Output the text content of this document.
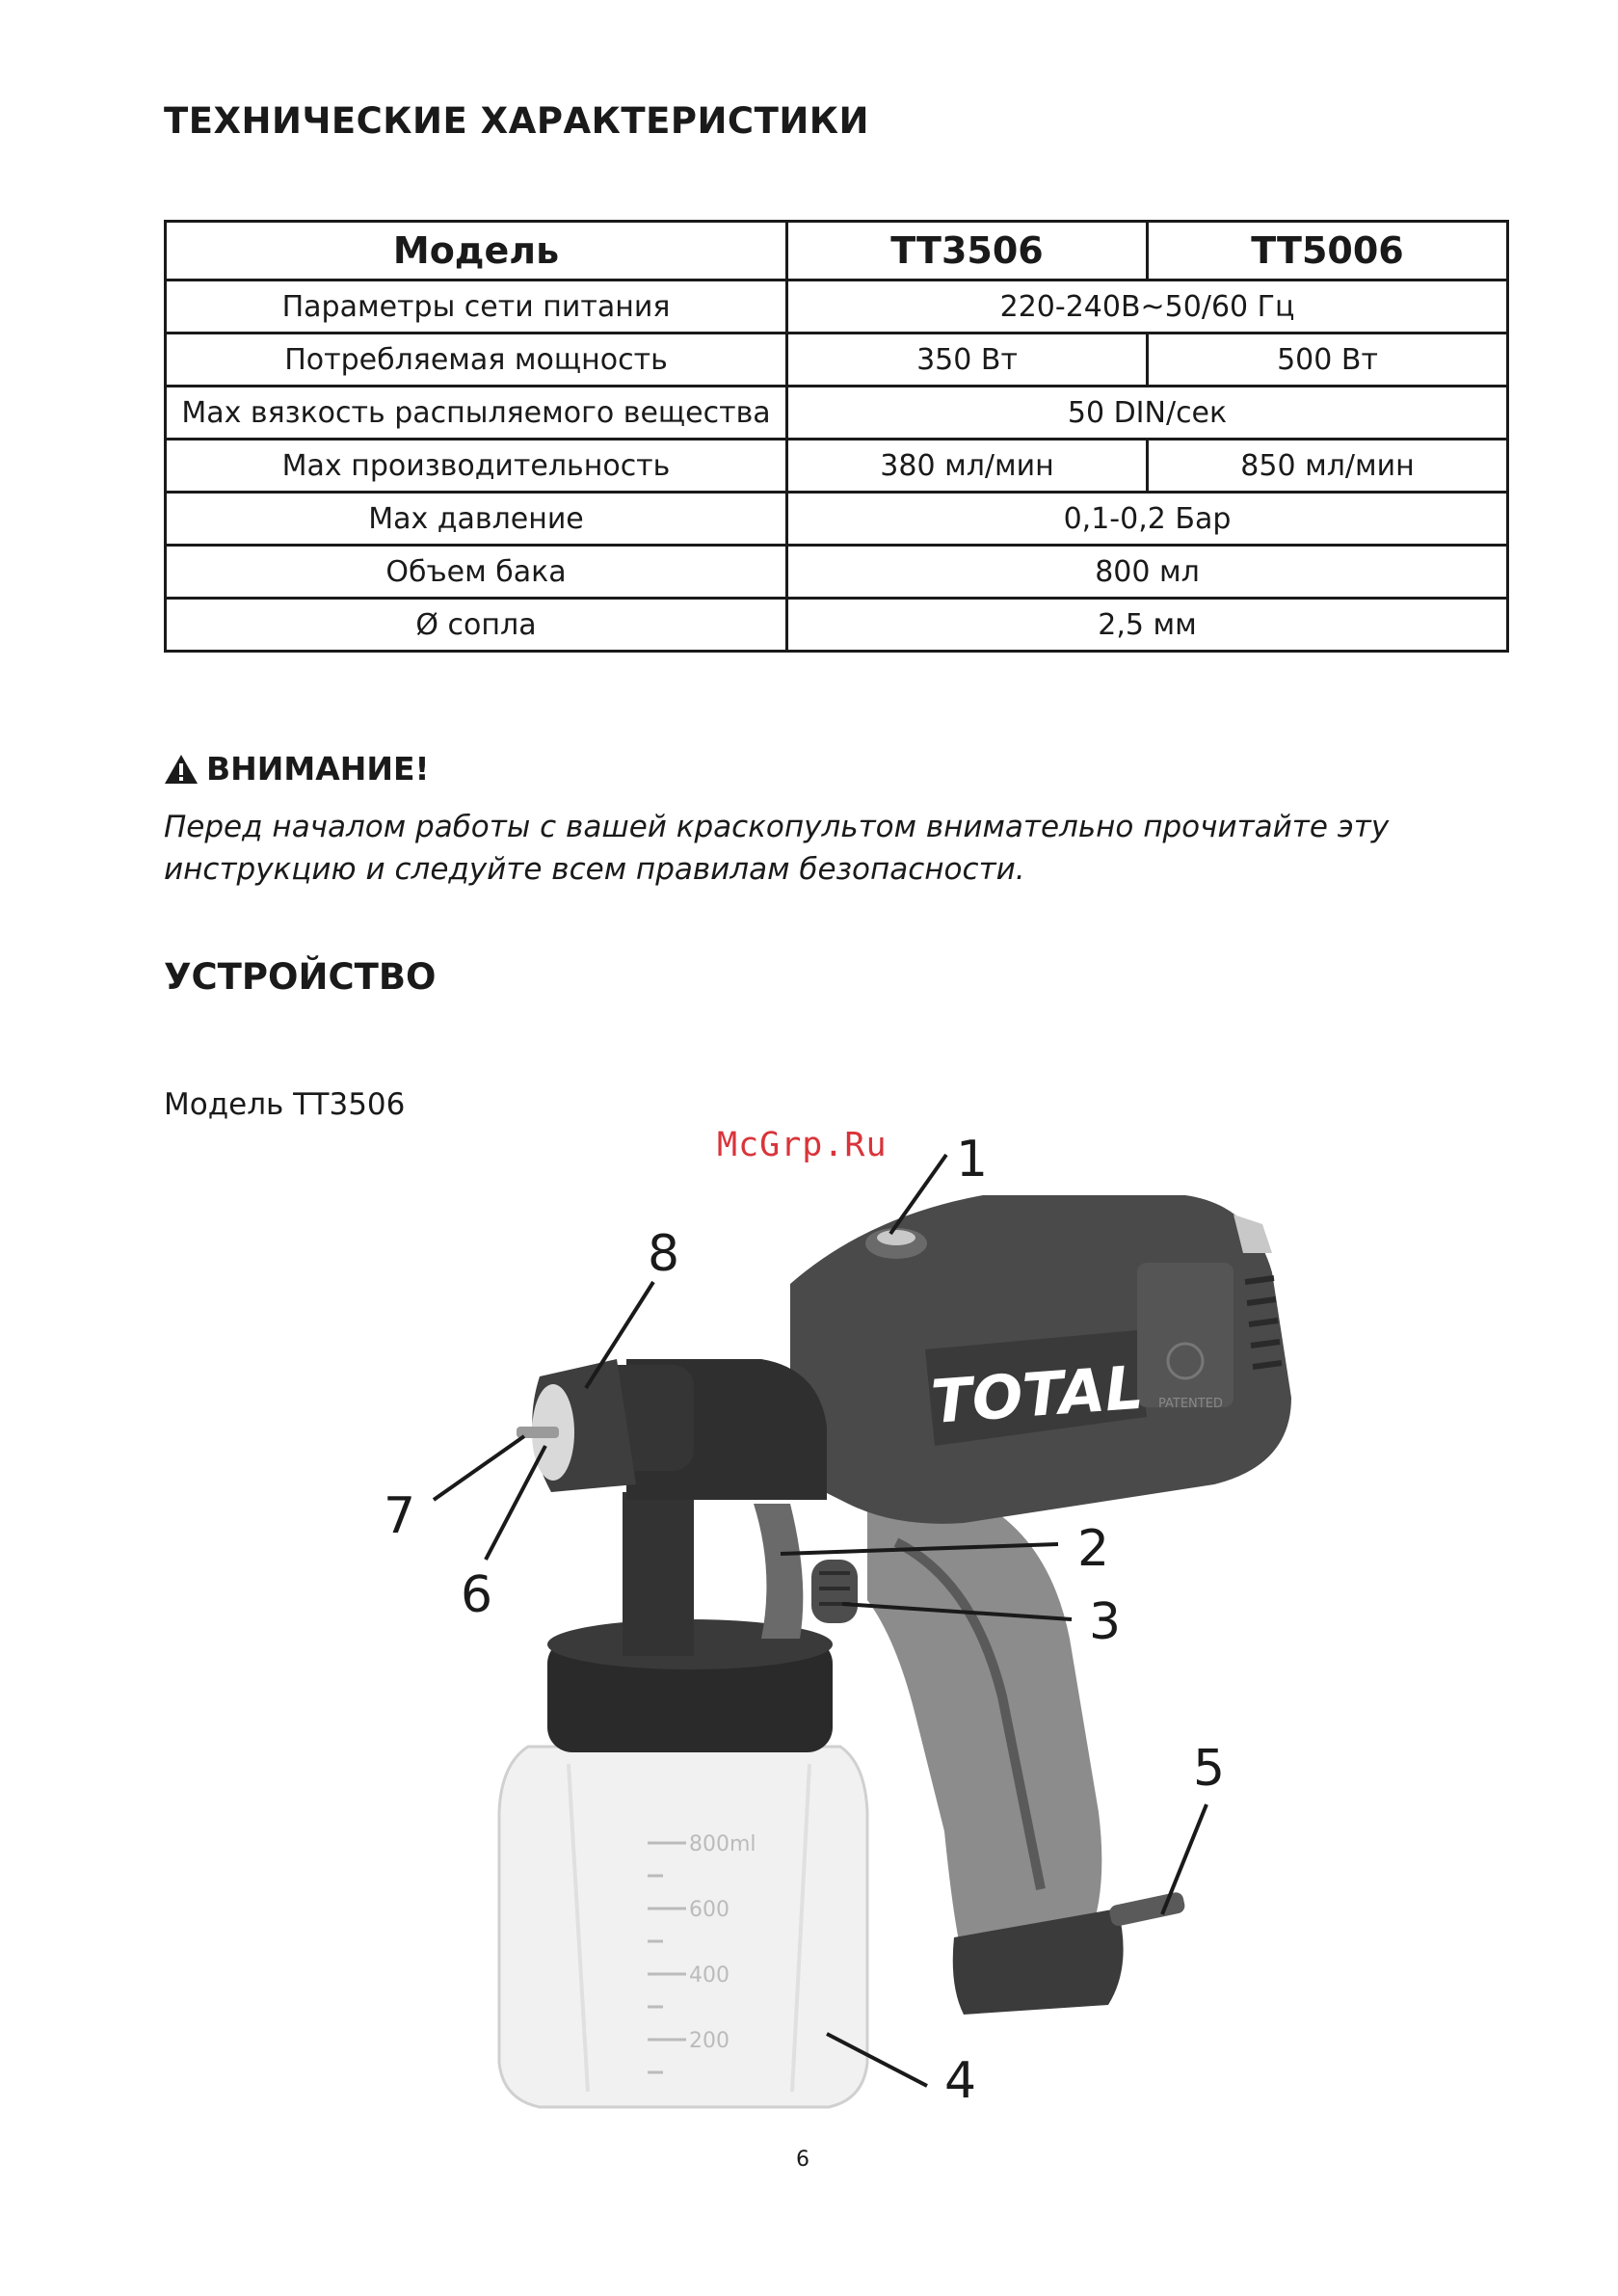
ТЕХНИЧЕСКИЕ ХАРАКТЕРИСТИКИ
Модель	TT3506	TT5006
Параметры сети питания	220-240В~50/60 Гц	
Потребляемая мощность	350 Вт	500 Вт
Max вязкость распыляемого вещества	50 DIN/сек	
Max производительность	380 мл/мин	850 мл/мин
Max давление	0,1-0,2 Бар	
Объем бака	800 мл	
Ø сопла	2,5 мм	
ВНИМАНИЕ!
Перед началом работы с вашей краскопультом внимательно прочитайте эту инструкцию и следуйте всем правилам безопасности.
УСТРОЙСТВО
Модель TT3506
McGrp.Ru
800ml
600
400
200
PATENTED
TOTAL
1
2
3
4
5
6
7
8
6
